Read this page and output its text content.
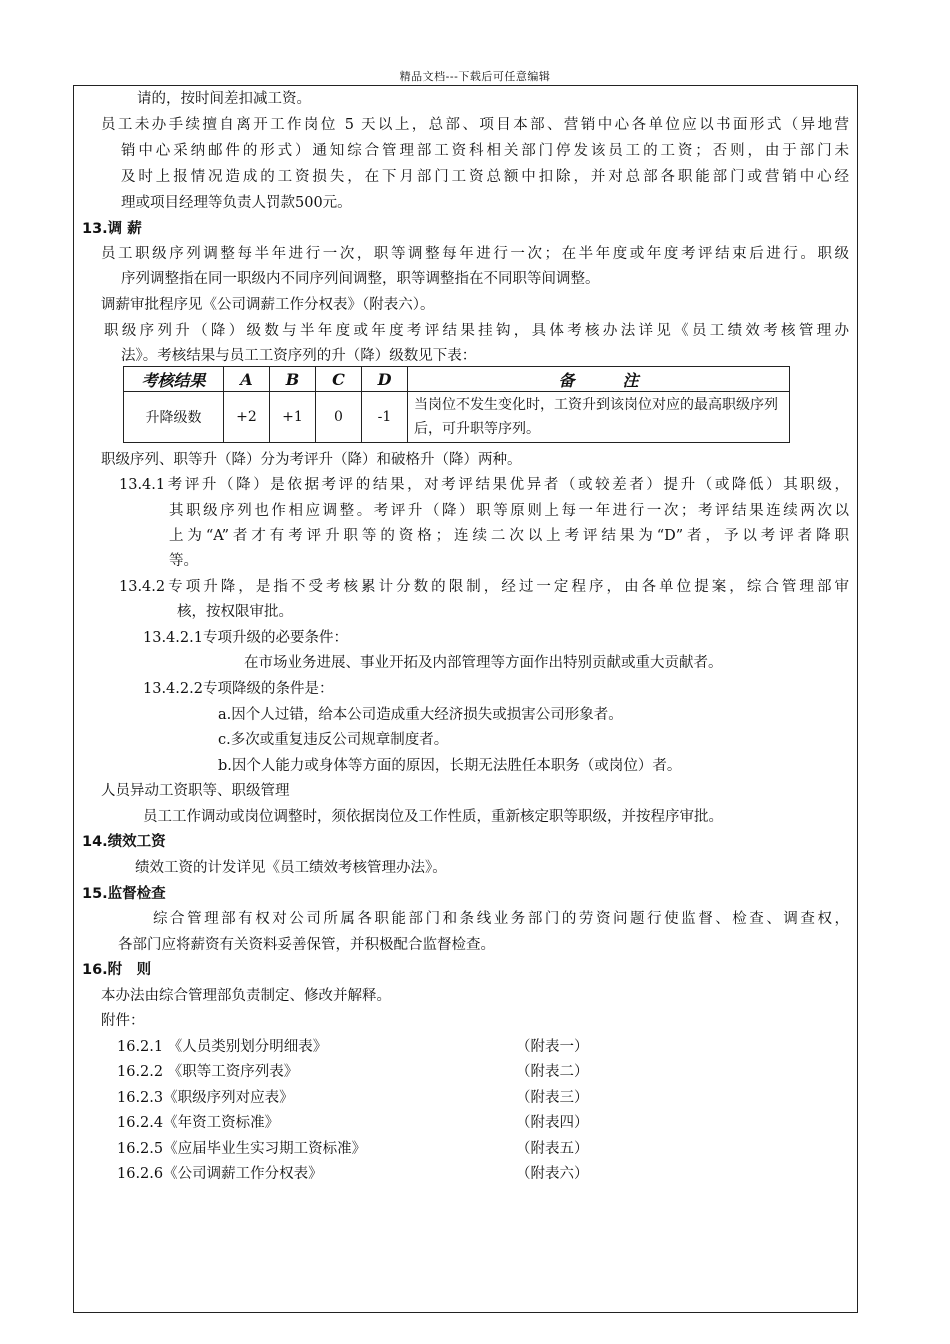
精品文档---下载后可任意编辑
请的，按时间差扣减工资。
员工未办手续擅自离开工作岗位 5 天以上，总部、项目本部、营销中心各单位应以书面形式（异地营
销中心采纳邮件的形式）通知综合管理部工资科相关部门停发该员工的工资；否则，由于部门未
及时上报情况造成的工资损失，在下月部门工资总额中扣除，并对总部各职能部门或营销中心经
理或项目经理等负责人罚款500元。
13.调 薪
员工职级序列调整每半年进行一次，职等调整每年进行一次；在半年度或年度考评结束后进行。职级
序列调整指在同一职级内不同序列间调整，职等调整指在不同职等间调整。
调薪审批程序见《公司调薪工作分权表》（附表六）。
职级序列升（降）级数与半年度或年度考评结果挂钩，具体考核办法详见《员工绩效考核管理办
法》。考核结果与员工工资序列的升（降）级数见下表：
考核结果	A	B	C	D	备　　　注
升降级数	+2	+1	0	-1	当岗位不发生变化时，工资升到该岗位对应的最高职级序列后，可升职等序列。
职级序列、职等升（降）分为考评升（降）和破格升（降）两种。
13.4.1考评升（降）是依据考评的结果，对考评结果优异者（或较差者）提升（或降低）其职级，
其职级序列也作相应调整。考评升（降）职等原则上每一年进行一次；考评结果连续两次以
上为“A”者才有考评升职等的资格；连续二次以上考评结果为“D”者，予以考评者降职
等。
13.4.2专项升降，是指不受考核累计分数的限制，经过一定程序，由各单位提案，综合管理部审
核，按权限审批。
13.4.2.1专项升级的必要条件：
在市场业务进展、事业开拓及内部管理等方面作出特别贡献或重大贡献者。
13.4.2.2专项降级的条件是：
a.因个人过错，给本公司造成重大经济损失或损害公司形象者。
c.多次或重复违反公司规章制度者。
b.因个人能力或身体等方面的原因，长期无法胜任本职务（或岗位）者。
人员异动工资职等、职级管理
员工工作调动或岗位调整时，须依据岗位及工作性质，重新核定职等职级，并按程序审批。
14.绩效工资
绩效工资的计发详见《员工绩效考核管理办法》。
15.监督检查
综合管理部有权对公司所属各职能部门和条线业务部门的劳资问题行使监督、检查、调查权，
各部门应将薪资有关资料妥善保管，并积极配合监督检查。
16.附　则
本办法由综合管理部负责制定、修改并解释。
附件：
16.2.1 《人员类别划分明细表》	（附表一）
16.2.2 《职等工资序列表》	（附表二）
16.2.3《职级序列对应表》	（附表三）
16.2.4《年资工资标准》	（附表四）
16.2.5《应届毕业生实习期工资标准》	（附表五）
16.2.6《公司调薪工作分权表》	（附表六）
